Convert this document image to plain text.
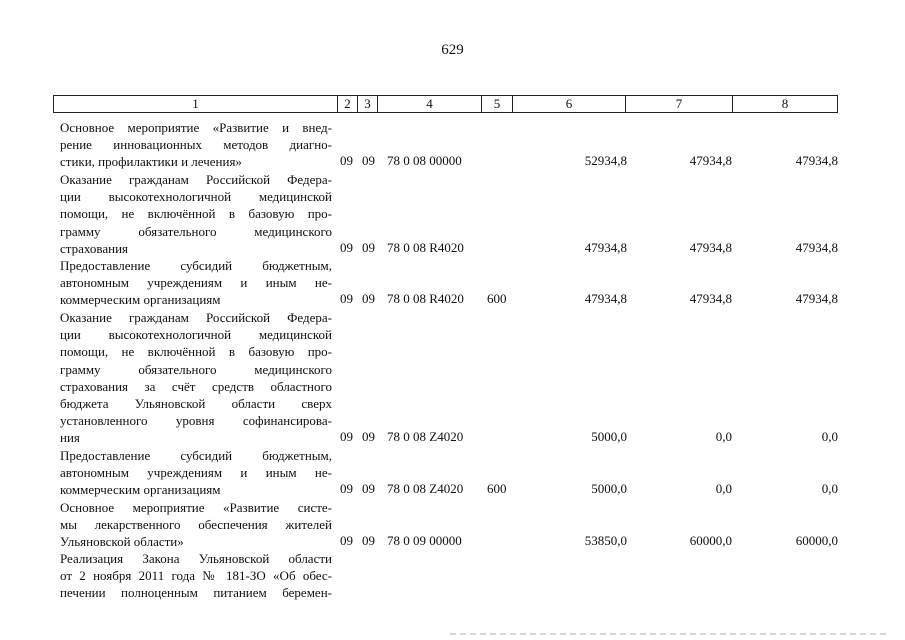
629
1	2	3	4	5	6	7	8
Основное мероприятие «Развитие и внед-
рение инновационных методов диагно-
стики, профилактики и лечения»	09 09 78 0 08 00000	52934,8	47934,8	47934,8
Оказание гражданам Российской Федера-
ции высокотехнологичной медицинской
помощи, не включённой в базовую про-
грамму обязательного медицинского
страхования	09 09 78 0 08 R4020	47934,8	47934,8	47934,8
Предоставление субсидий бюджетным,
автономным учреждениям и иным не-
коммерческим организациям	09 09 78 0 08 R4020 600	47934,8	47934,8	47934,8
Оказание гражданам Российской Федера-
ции высокотехнологичной медицинской
помощи, не включённой в базовую про-
грамму обязательного медицинского
страхования за счёт средств областного
бюджета Ульяновской области сверх
установленного уровня софинансирова-
ния	09 09 78 0 08 Z4020	5000,0	0,0	0,0
Предоставление субсидий бюджетным,
автономным учреждениям и иным не-
коммерческим организациям	09 09 78 0 08 Z4020 600	5000,0	0,0	0,0
Основное мероприятие «Развитие систе-
мы лекарственного обеспечения жителей
Ульяновской области»	09 09 78 0 09 00000	53850,0	60000,0	60000,0
Реализация Закона Ульяновской области
от 2 ноября 2011 года № 181-ЗО «Об обес-
печении полноценным питанием беремен-
